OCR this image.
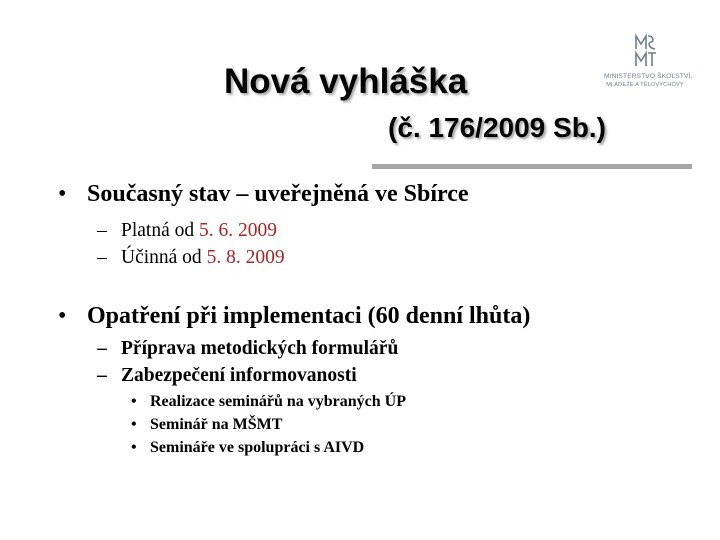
Nová vyhláška
(č. 176/2009 Sb.)
MINISTERSTVO ŠKOLSTVÍ,
MLÁDEŽE A TĚLOVÝCHOVY
• Současný stav – uveřejněná ve Sbírce
– Platná od 5. 6. 2009
– Účinná od 5. 8. 2009
• Opatření při implementaci (60 denní lhůta)
– Příprava metodických formulářů
– Zabezpečení informovanosti
• Realizace seminářů na vybraných ÚP
• Seminář na MŠMT
• Semináře ve spolupráci s AIVD
